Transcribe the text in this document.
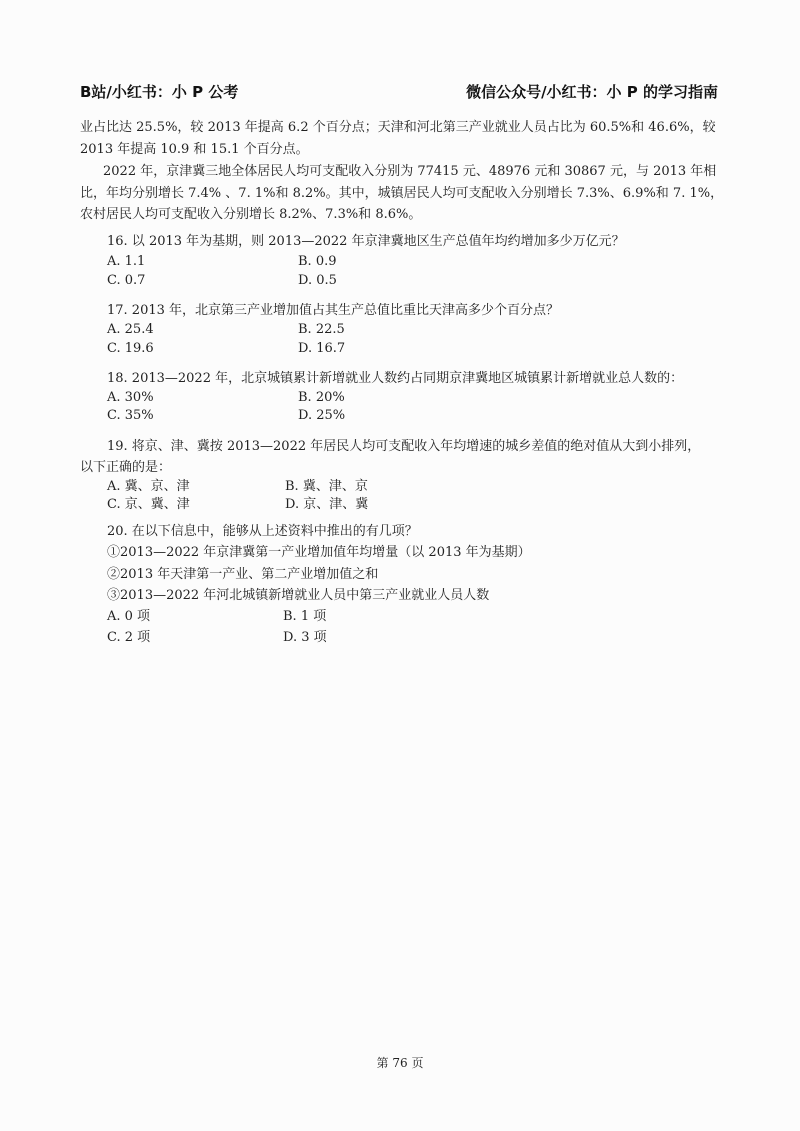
B站/小红书：小 P 公考	微信公众号/小红书：小 P 的学习指南
业占比达 25.5%，较 2013 年提高 6.2 个百分点；天津和河北第三产业就业人员占比为 60.5%和 46.6%，较
2013 年提高 10.9 和 15.1 个百分点。
2022 年，京津冀三地全体居民人均可支配收入分别为 77415 元、48976 元和 30867 元，与 2013 年相
比，年均分别增长 7.4% 、7. 1%和 8.2%。其中，城镇居民人均可支配收入分别增长 7.3%、6.9%和 7. 1%，
农村居民人均可支配收入分别增长 8.2%、7.3%和 8.6%。
16. 以 2013 年为基期，则 2013—2022 年京津冀地区生产总值年均约增加多少万亿元？
A. 1.1	B. 0.9
C. 0.7	D. 0.5
17. 2013 年，北京第三产业增加值占其生产总值比重比天津高多少个百分点？
A. 25.4	B. 22.5
C. 19.6	D. 16.7
18. 2013—2022 年，北京城镇累计新增就业人数约占同期京津冀地区城镇累计新增就业总人数的：
A. 30%	B. 20%
C. 35%	D. 25%
19. 将京、津、冀按 2013—2022 年居民人均可支配收入年均增速的城乡差值的绝对值从大到小排列，
以下正确的是：
A. 冀、京、津	B. 冀、津、京
C. 京、冀、津	D. 京、津、冀
20. 在以下信息中，能够从上述资料中推出的有几项？
①2013—2022 年京津冀第一产业增加值年均增量（以 2013 年为基期）
②2013 年天津第一产业、第二产业增加值之和
③2013—2022 年河北城镇新增就业人员中第三产业就业人员人数
A. 0 项	B. 1 项
C. 2 项	D. 3 项
第 76 页
